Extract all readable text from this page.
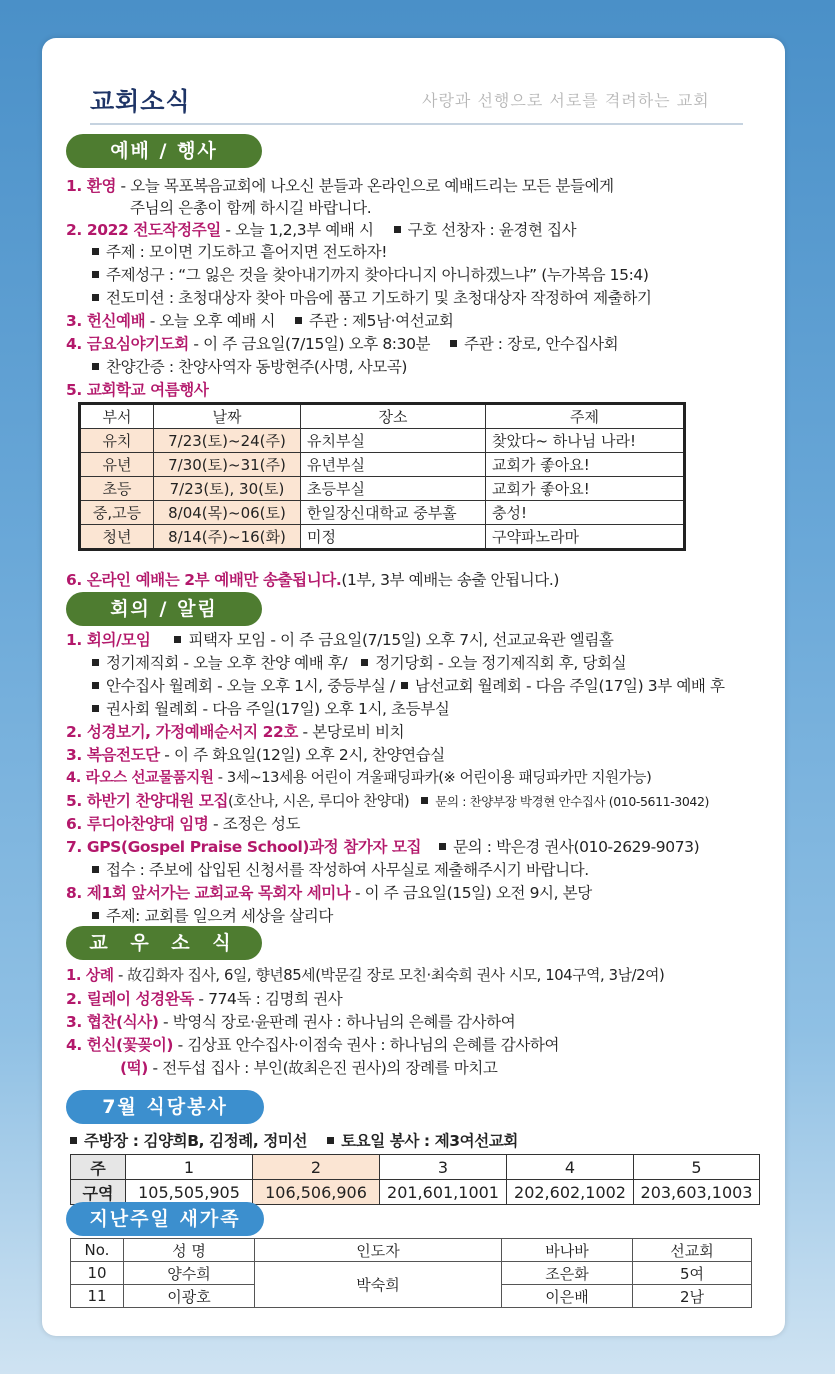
교회소식	사랑과 선행으로 서로를 격려하는 교회
예배 / 행사
1. 환영 - 오늘 목포복음교회에 나오신 분들과 온라인으로 예배드리는 모든 분들에게
주님의 은총이 함께 하시길 바랍니다.
2. 2022 전도작정주일 - 오늘 1,2,3부 예배 시 구호 선창자 : 윤경현 집사
주제 : 모이면 기도하고 흩어지면 전도하자!
주제성구 : “그 잃은 것을 찾아내기까지 찾아다니지 아니하겠느냐” (누가복음 15:4)
전도미션 : 초청대상자 찾아 마음에 품고 기도하기 및 초청대상자 작정하여 제출하기
3. 헌신예배 - 오늘 오후 예배 시 주관 : 제5남·여선교회
4. 금요심야기도회 - 이 주 금요일(7/15일) 오후 8:30분 주관 : 장로, 안수집사회
찬양간증 : 찬양사역자 동방현주(사명, 사모곡)
5. 교회학교 여름행사
부서	날짜	장소	주제
유치	7/23(토)~24(주)	유치부실	찾았다~ 하나님 나라!
유년	7/30(토)~31(주)	유년부실	교회가 좋아요!
초등	7/23(토), 30(토)	초등부실	교회가 좋아요!
중,고등	8/04(목)~06(토)	한일장신대학교 중부홀	충성!
청년	8/14(주)~16(화)	미정	구약파노라마
6. 온라인 예배는 2부 예배만 송출됩니다.(1부, 3부 예배는 송출 안됩니다.)
회의 / 알림
1. 회의/모임 피택자 모임 - 이 주 금요일(7/15일) 오후 7시, 선교교육관 엘림홀
정기제직회 - 오늘 오후 찬양 예배 후/ 정기당회 - 오늘 정기제직회 후, 당회실
안수집사 월례회 - 오늘 오후 1시, 중등부실 / 남선교회 월례회 - 다음 주일(17일) 3부 예배 후
권사회 월례회 - 다음 주일(17일) 오후 1시, 초등부실
2. 성경보기, 가정예배순서지 22호 - 본당로비 비치
3. 복음전도단 - 이 주 화요일(12일) 오후 2시, 찬양연습실
4. 라오스 선교물품지원 - 3세~13세용 어린이 겨울패딩파카(※ 어린이용 패딩파카만 지원가능)
5. 하반기 찬양대원 모집(호산나, 시온, 루디아 찬양대) 문의 : 찬양부장 박경현 안수집사 (010-5611-3042)
6. 루디아찬양대 임명 - 조정은 성도
7. GPS(Gospel Praise School)과정 참가자 모집 문의 : 박은경 권사(010-2629-9073)
접수 : 주보에 삽입된 신청서를 작성하여 사무실로 제출해주시기 바랍니다.
8. 제1회 앞서가는 교회교육 목회자 세미나 - 이 주 금요일(15일) 오전 9시, 본당
주제: 교회를 일으켜 세상을 살리다
교 우 소 식
1. 상례 - 故김화자 집사, 6일, 향년85세(박문길 장로 모친·최숙희 권사 시모, 104구역, 3남/2여)
2. 릴레이 성경완독 - 774독 : 김명희 권사
3. 협찬(식사) - 박영식 장로·윤판례 권사 : 하나님의 은혜를 감사하여
4. 헌신(꽃꽂이) - 김상표 안수집사·이점숙 권사 : 하나님의 은혜를 감사하여
(떡) - 전두섭 집사 : 부인(故최은진 권사)의 장례를 마치고
7월 식당봉사
주방장 : 김양희B, 김정례, 정미선 토요일 봉사 : 제3여선교회
주	1	2	3	4	5
구역	105,505,905	106,506,906	201,601,1001	202,602,1002	203,603,1003
지난주일 새가족
No.	성 명	인도자	바나바	선교회
10	양수희	박숙희	조은화	5여
11	이광호		이은배	2남
